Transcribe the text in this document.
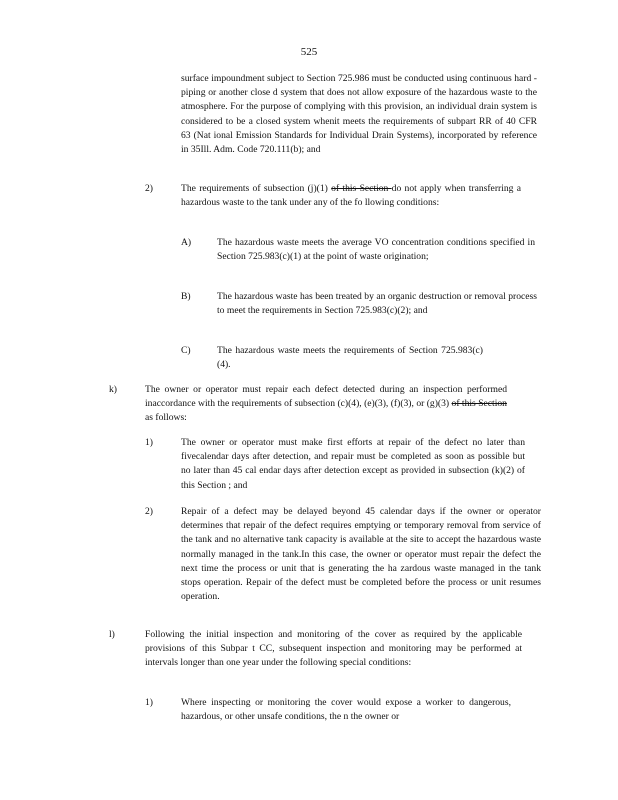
525

surface impoundment subject to Section 725.986 must be conducted using continuous hard -piping or another close d system that does not allow exposure of the hazardous waste to the atmosphere. For the purpose of complying with this provision, an individual drain system is considered to be a closed system whenit meets the requirements of subpart RR of 40 CFR 63 (Nat ional Emission Standards for Individual Drain Systems), incorporated by reference in 35Ill. Adm. Code 720.111(b); and

2)	The requirements of subsection (j)(1) of this Section do not apply when transferring a hazardous waste to the tank under any of the fo llowing conditions:

A)	The hazardous waste meets the average VO concentration conditions specified in Section 725.983(c)(1) at the point of waste origination;

B)	The hazardous waste has been treated by an organic destruction or removal process to meet the requirements in Section 725.983(c)(2); and

C)	The hazardous waste meets the requirements of Section 725.983(c)(4).

k)	The owner or operator must repair each defect detected during an inspection performed inaccordance with the requirements of subsection (c)(4), (e)(3), (f)(3), or (g)(3) of this Section as follows:

1)	The owner or operator must make first efforts at repair of the defect no later than fivecalendar days after detection, and repair must be completed as soon as possible but no later than 45 cal endar days after detection except as provided in subsection (k)(2) of this Section ; and

2)	Repair of a defect may be delayed beyond 45 calendar days if the owner or operator determines that repair of the defect requires emptying or temporary removal from service of the tank and no alternative tank capacity is available at the site to accept the hazardous waste normally managed in the tank.In this case, the owner or operator must repair the defect the next time the process or unit that is generating the ha zardous waste managed in the tank stops operation. Repair of the defect must be completed before the process or unit resumes operation.

l)	Following the initial inspection and monitoring of the cover as required by the applicable provisions of this Subpar t CC, subsequent inspection and monitoring may be performed at intervals longer than one year under the following special conditions:

1)	Where inspecting or monitoring the cover would expose a worker to dangerous, hazardous, or other unsafe conditions, the n the owner or
